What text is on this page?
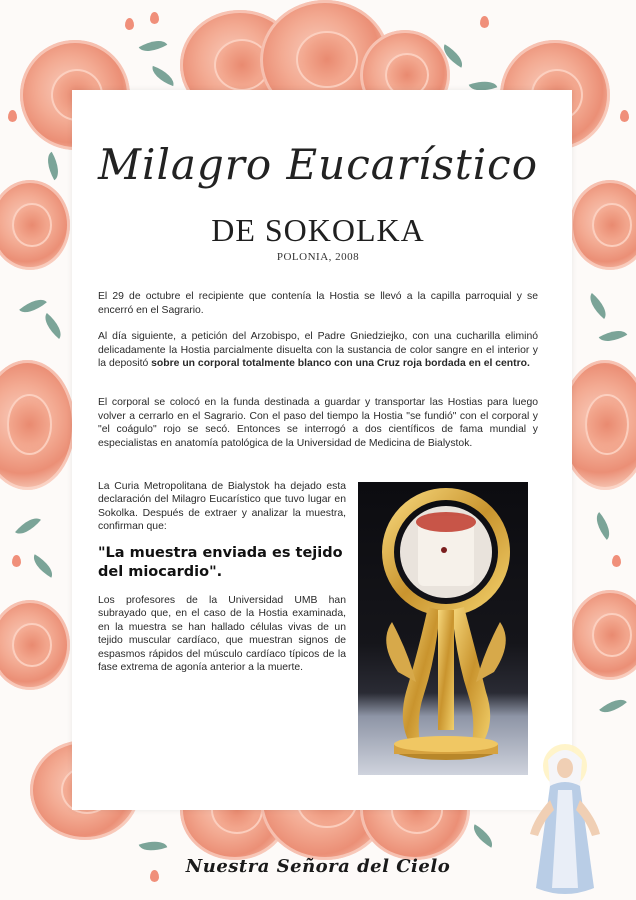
Milagro Eucarístico
DE SOKOLKA
POLONIA, 2008
El 29 de octubre el recipiente que contenía la Hostia se llevó a la capilla parroquial y se encerró en el Sagrario.
Al día siguiente, a petición del Arzobispo, el Padre Gniedziejko, con una cucharilla eliminó delicadamente la Hostia parcialmente disuelta con la sustancia de color sangre en el interior y la depositó sobre un corporal totalmente blanco con una Cruz roja bordada en el centro.
El corporal se colocó en la funda destinada a guardar y transportar las Hostias para luego volver a cerrarlo en el Sagrario. Con el paso del tiempo la Hostia "se fundió" con el corporal y "el coágulo" rojo se secó. Entonces se interrogó a dos científicos de fama mundial y especialistas en anatomía patológica de la Universidad de Medicina de Bialystok.
La Curia Metropolitana de Bialystok ha dejado esta declaración del Milagro Eucarístico que tuvo lugar en Sokolka. Después de extraer y analizar la muestra, confirman que:
"La muestra enviada es tejido del miocardio".
Los profesores de la Universidad UMB han subrayado que, en el caso de la Hostia examinada, en la muestra se han hallado células vivas de un tejido muscular cardíaco, que muestran signos de espasmos rápidos del músculo cardíaco típicos de la fase extrema de agonía anterior a la muerte.
Nuestra Señora del Cielo
